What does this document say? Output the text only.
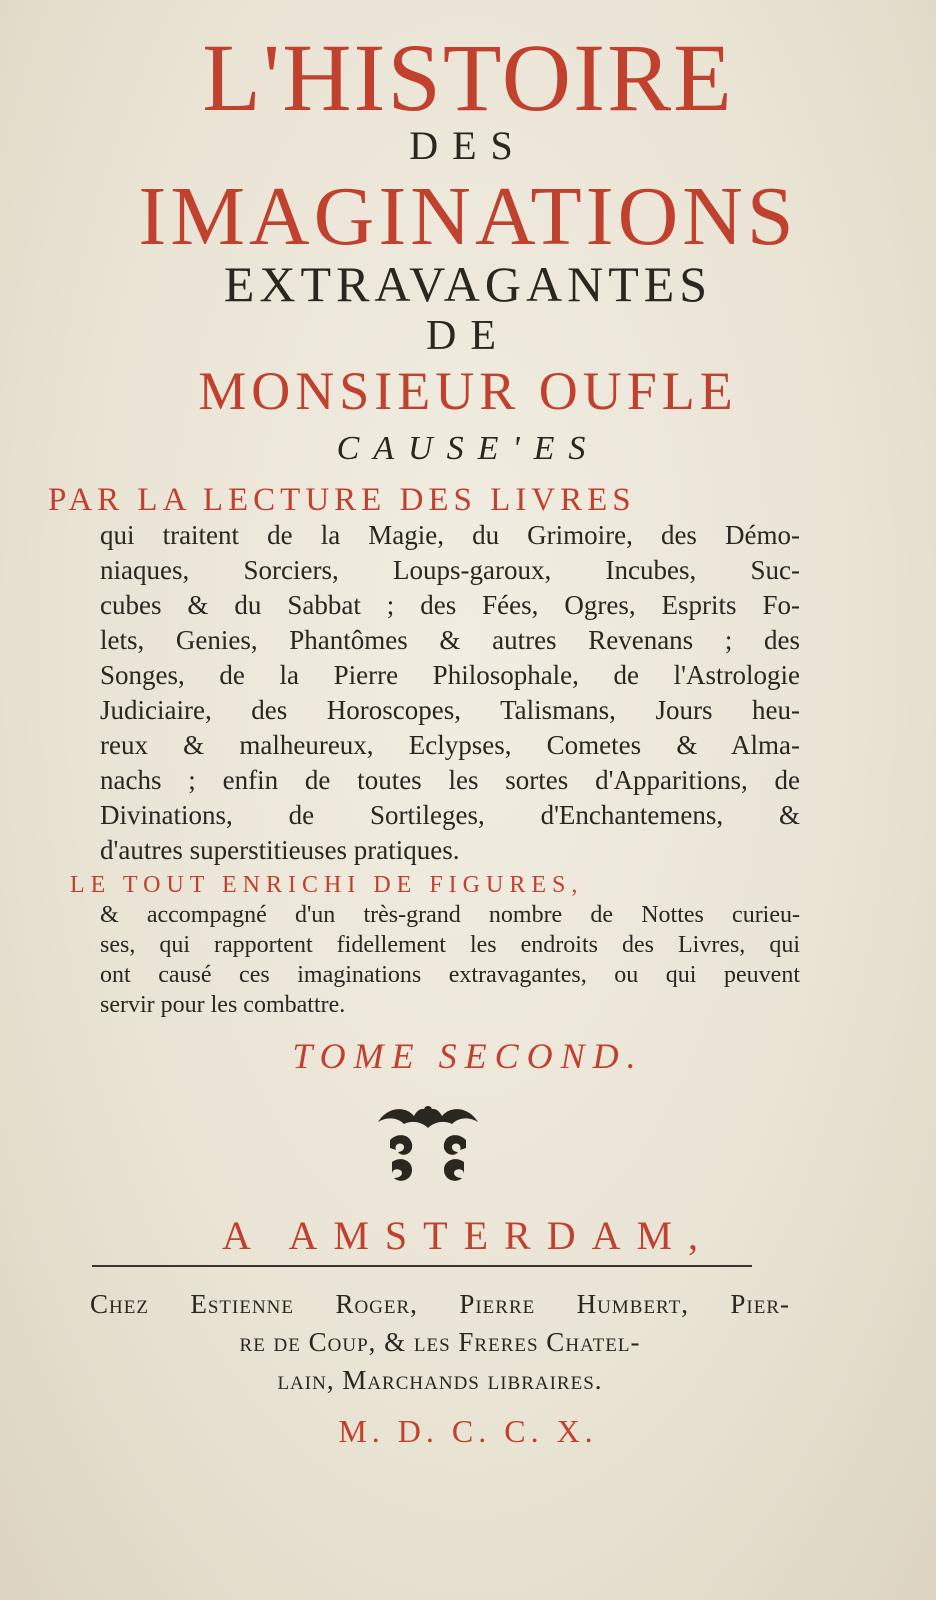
L'HISTOIRE
DES
IMAGINATIONS
EXTRAVAGANTES
DE
MONSIEUR OUFLE
CAUSE'ES
PAR LA LECTURE DES LIVRES
qui traitent de la Magie, du Grimoire, des Démo-
niaques, Sorciers, Loups-garoux, Incubes, Suc-
cubes & du Sabbat ; des Fées, Ogres, Esprits Fo-
lets, Genies, Phantômes & autres Revenans ; des
Songes, de la Pierre Philosophale, de l'Astrologie
Judiciaire, des Horoscopes, Talismans, Jours heu-
reux & malheureux, Eclypses, Cometes & Alma-
nachs ; enfin de toutes les sortes d'Apparitions, de
Divinations, de Sortileges, d'Enchantemens, &
d'autres superstitieuses pratiques.
LE TOUT ENRICHI DE FIGURES,
& accompagné d'un très-grand nombre de Nottes curieu-
ses, qui rapportent fidellement les endroits des Livres, qui
ont causé ces imaginations extravagantes, ou qui peuvent
servir pour les combattre.
TOME SECOND.
A AMSTERDAM,
Chez Estienne Roger, Pierre Humbert, Pier-
re de Coup, & les Freres Chatel-
lain, Marchands libraires.
M. D. C. C. X.
